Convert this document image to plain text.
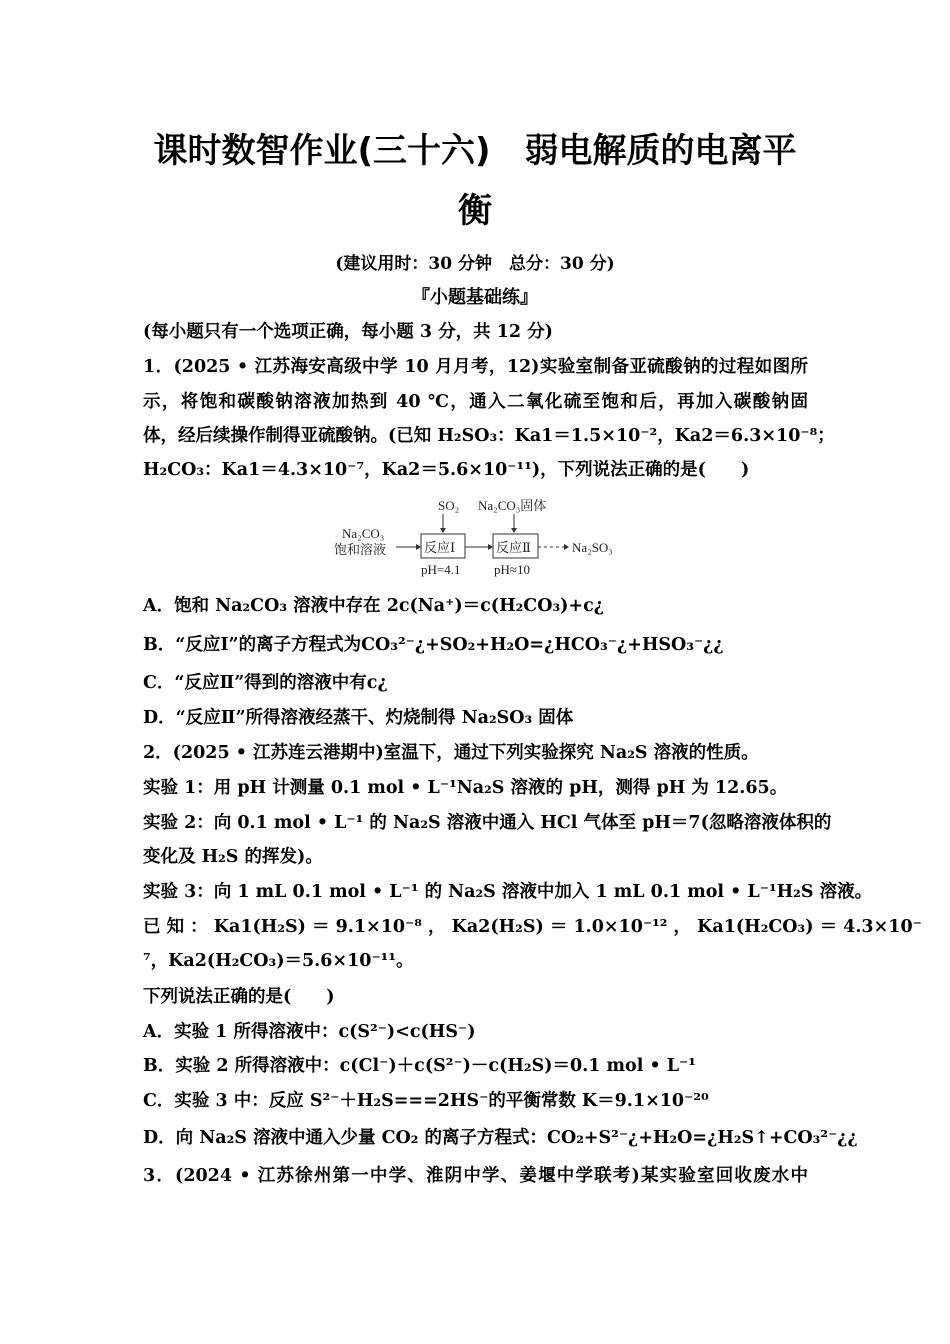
课时数智作业(三十六)　弱电解质的电离平
衡
(建议用时：30 分钟　总分：30 分)
『小题基础练』
(每小题只有一个选项正确，每小题 3 分，共 12 分)
1．(2025 • 江苏海安高级中学 10 月月考，12)实验室制备亚硫酸钠的过程如图所
示，将饱和碳酸钠溶液加热到 40 ℃，通入二氧化硫至饱和后，再加入碳酸钠固
体，经后续操作制得亚硫酸钠。(已知 H₂SO₃：Ka1＝1.5×10⁻²，Ka2＝6.3×10⁻⁸；
H₂CO₃：Ka1＝4.3×10⁻⁷，Ka2＝5.6×10⁻¹¹)，下列说法正确的是(　　)
SO₂ Na₂CO₃固体
Na₂CO₃
饱和溶液	反应Ⅰ	反应Ⅱ	Na₂SO₃
pH=4.1	pH≈10
A．饱和 Na₂CO₃ 溶液中存在 2c(Na⁺)＝c(H₂CO₃)+c¿
B．“反应Ⅰ”的离子方程式为CO₃²⁻¿+SO₂+H₂O=¿HCO₃⁻¿+HSO₃⁻¿¿
C．“反应Ⅱ”得到的溶液中有c¿
D．“反应Ⅱ”所得溶液经蒸干、灼烧制得 Na₂SO₃ 固体
2．(2025 • 江苏连云港期中)室温下，通过下列实验探究 Na₂S 溶液的性质。
实验 1：用 pH 计测量 0.1 mol • L⁻¹Na₂S 溶液的 pH，测得 pH 为 12.65。
实验 2：向 0.1 mol • L⁻¹ 的 Na₂S 溶液中通入 HCl 气体至 pH＝7(忽略溶液体积的
变化及 H₂S 的挥发)。
实验 3：向 1 mL 0.1 mol • L⁻¹ 的 Na₂S 溶液中加入 1 mL 0.1 mol • L⁻¹H₂S 溶液。
已 知 ： Ka1(H₂S) ＝ 9.1×10⁻⁸ ， Ka2(H₂S) ＝ 1.0×10⁻¹² ， Ka1(H₂CO₃) ＝ 4.3×10⁻
⁷，Ka2(H₂CO₃)＝5.6×10⁻¹¹。
下列说法正确的是(　　)
A．实验 1 所得溶液中：c(S²⁻)<c(HS⁻)
B．实验 2 所得溶液中：c(Cl⁻)＋c(S²⁻)－c(H₂S)＝0.1 mol • L⁻¹
C．实验 3 中：反应 S²⁻＋H₂S===2HS⁻的平衡常数 K＝9.1×10⁻²⁰
D．向 Na₂S 溶液中通入少量 CO₂ 的离子方程式：CO₂+S²⁻¿+H₂O=¿H₂S↑+CO₃²⁻¿¿
3．(2024 • 江苏徐州第一中学、淮阴中学、姜堰中学联考)某实验室回收废水中
